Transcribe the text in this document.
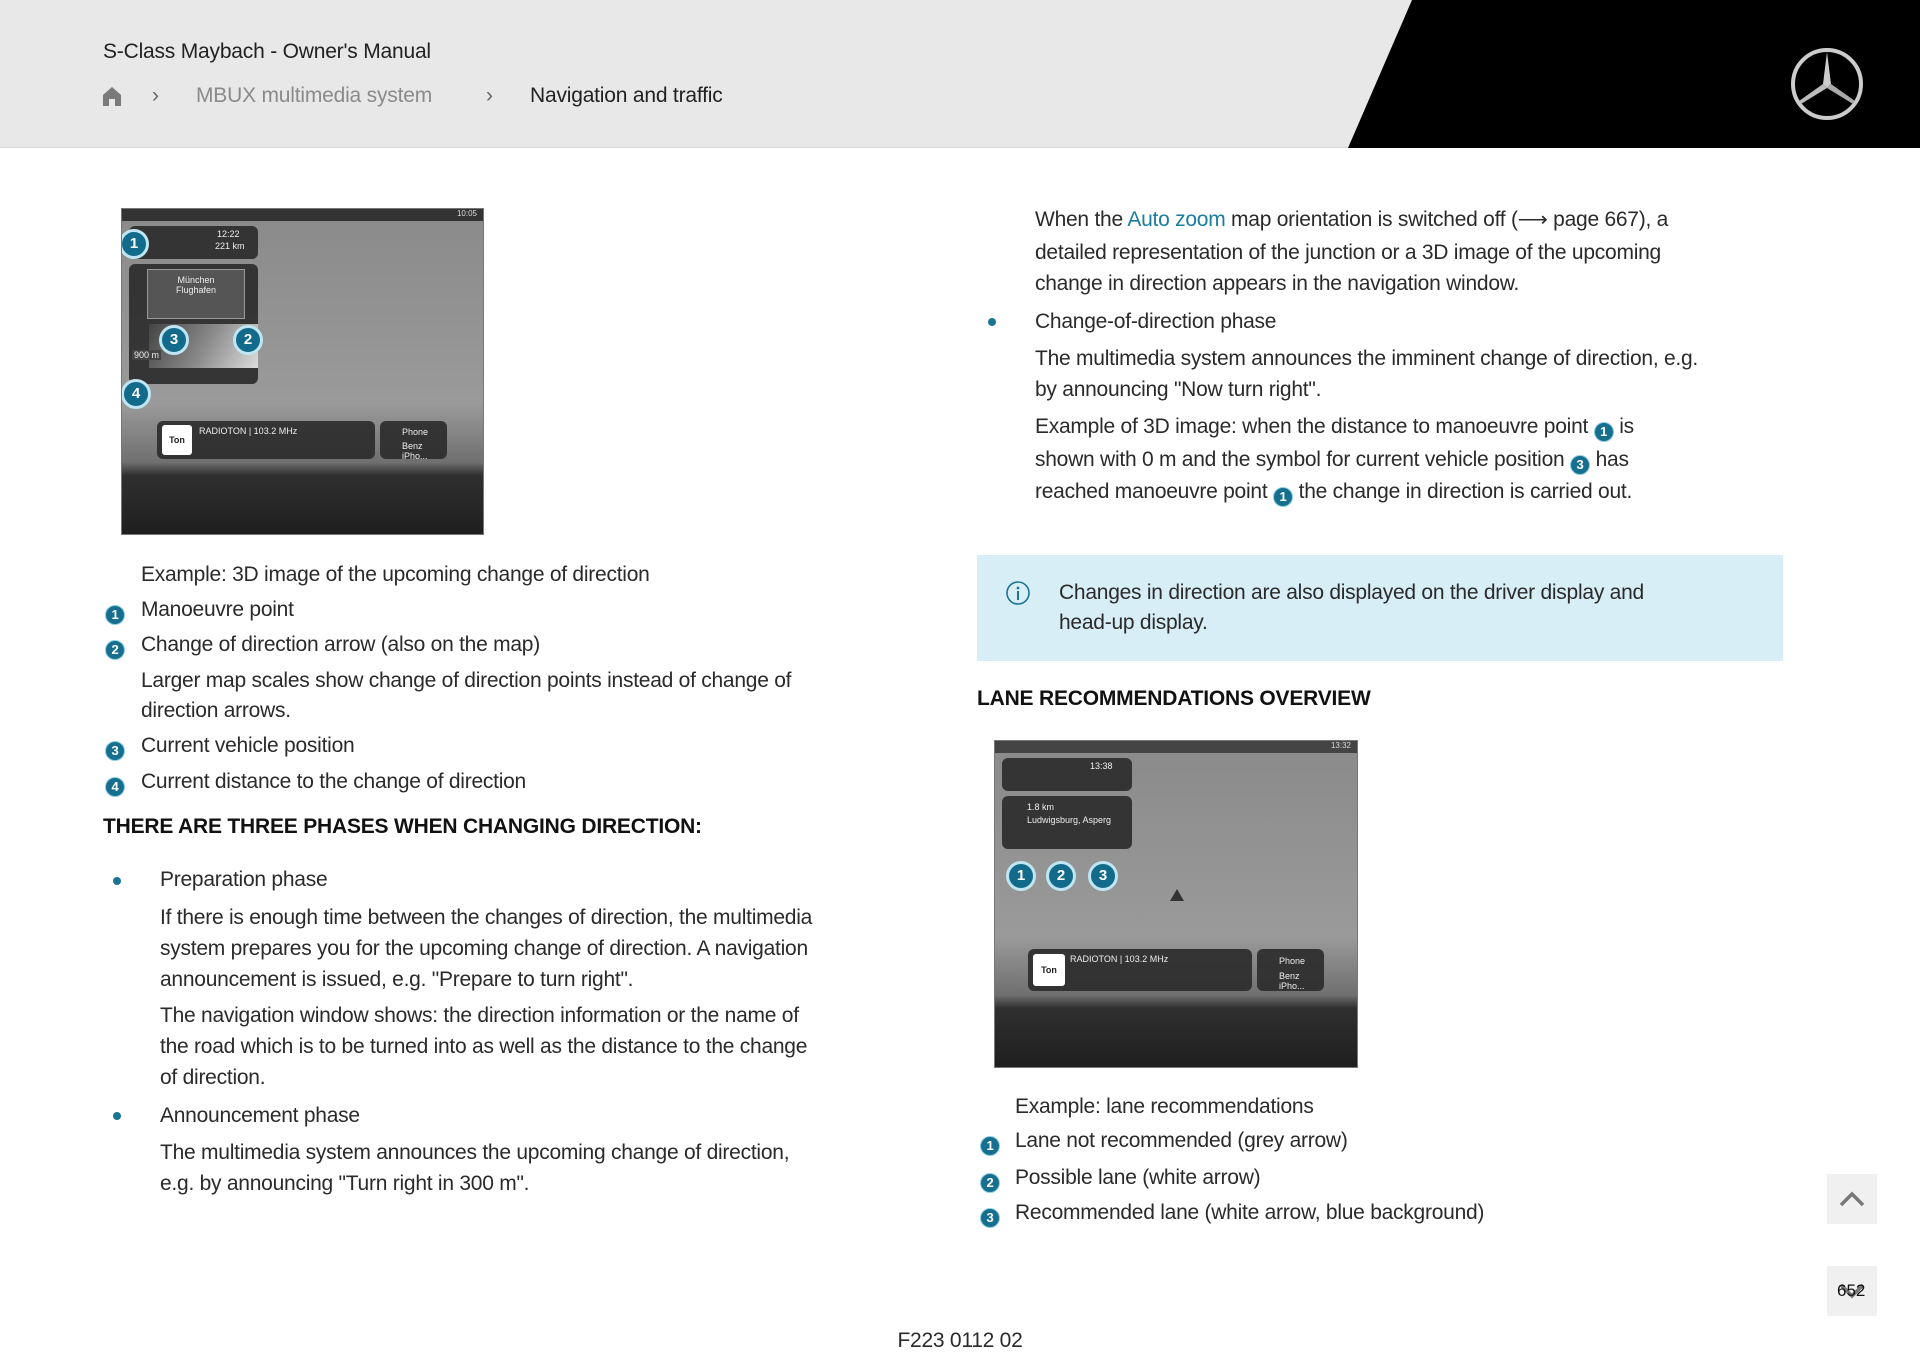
S-Class Maybach - Owner's Manual
› MBUX multimedia system	› Navigation and traffic
10:05
12:22
221 km
München
Flughafen
900 m
Ton
RADIOTON | 103.2 MHz	Phone
Benz iPho...
1
3	2
4
Example: 3D image of the upcoming change of direction
1	Manoeuvre point
2	Change of direction arrow (also on the map)
Larger map scales show change of direction points instead of change of
direction arrows.
3	Current vehicle position
4	Current distance to the change of direction
THERE ARE THREE PHASES WHEN CHANGING DIRECTION:
Preparation phase
If there is enough time between the changes of direction, the multimedia
system prepares you for the upcoming change of direction. A navigation
announcement is issued, e.g. "Prepare to turn right".
The navigation window shows: the direction information or the name of
the road which is to be turned into as well as the distance to the change
of direction.
Announcement phase
The multimedia system announces the upcoming change of direction,
e.g. by announcing "Turn right in 300 m".
When the Auto zoom map orientation is switched off (⟶ page 667), a
detailed representation of the junction or a 3D image of the upcoming
change in direction appears in the navigation window.
Change-of-direction phase
The multimedia system announces the imminent change of direction, e.g.
by announcing "Now turn right".
Example of 3D image: when the distance to manoeuvre point 1 is
shown with 0 m and the symbol for current vehicle position 3 has
reached manoeuvre point 1 the change in direction is carried out.
Changes in direction are also displayed on the driver display and
head-up display.
LANE RECOMMENDATIONS OVERVIEW
13:32
13:38
1.8 km
Ludwigsburg, Asperg
Ton
RADIOTON | 103.2 MHz	Phone
Benz iPho...
1	2	3
Example: lane recommendations
1	Lane not recommended (grey arrow)
2	Possible lane (white arrow)
3	Recommended lane (white arrow, blue background)
652
F223 0112 02
